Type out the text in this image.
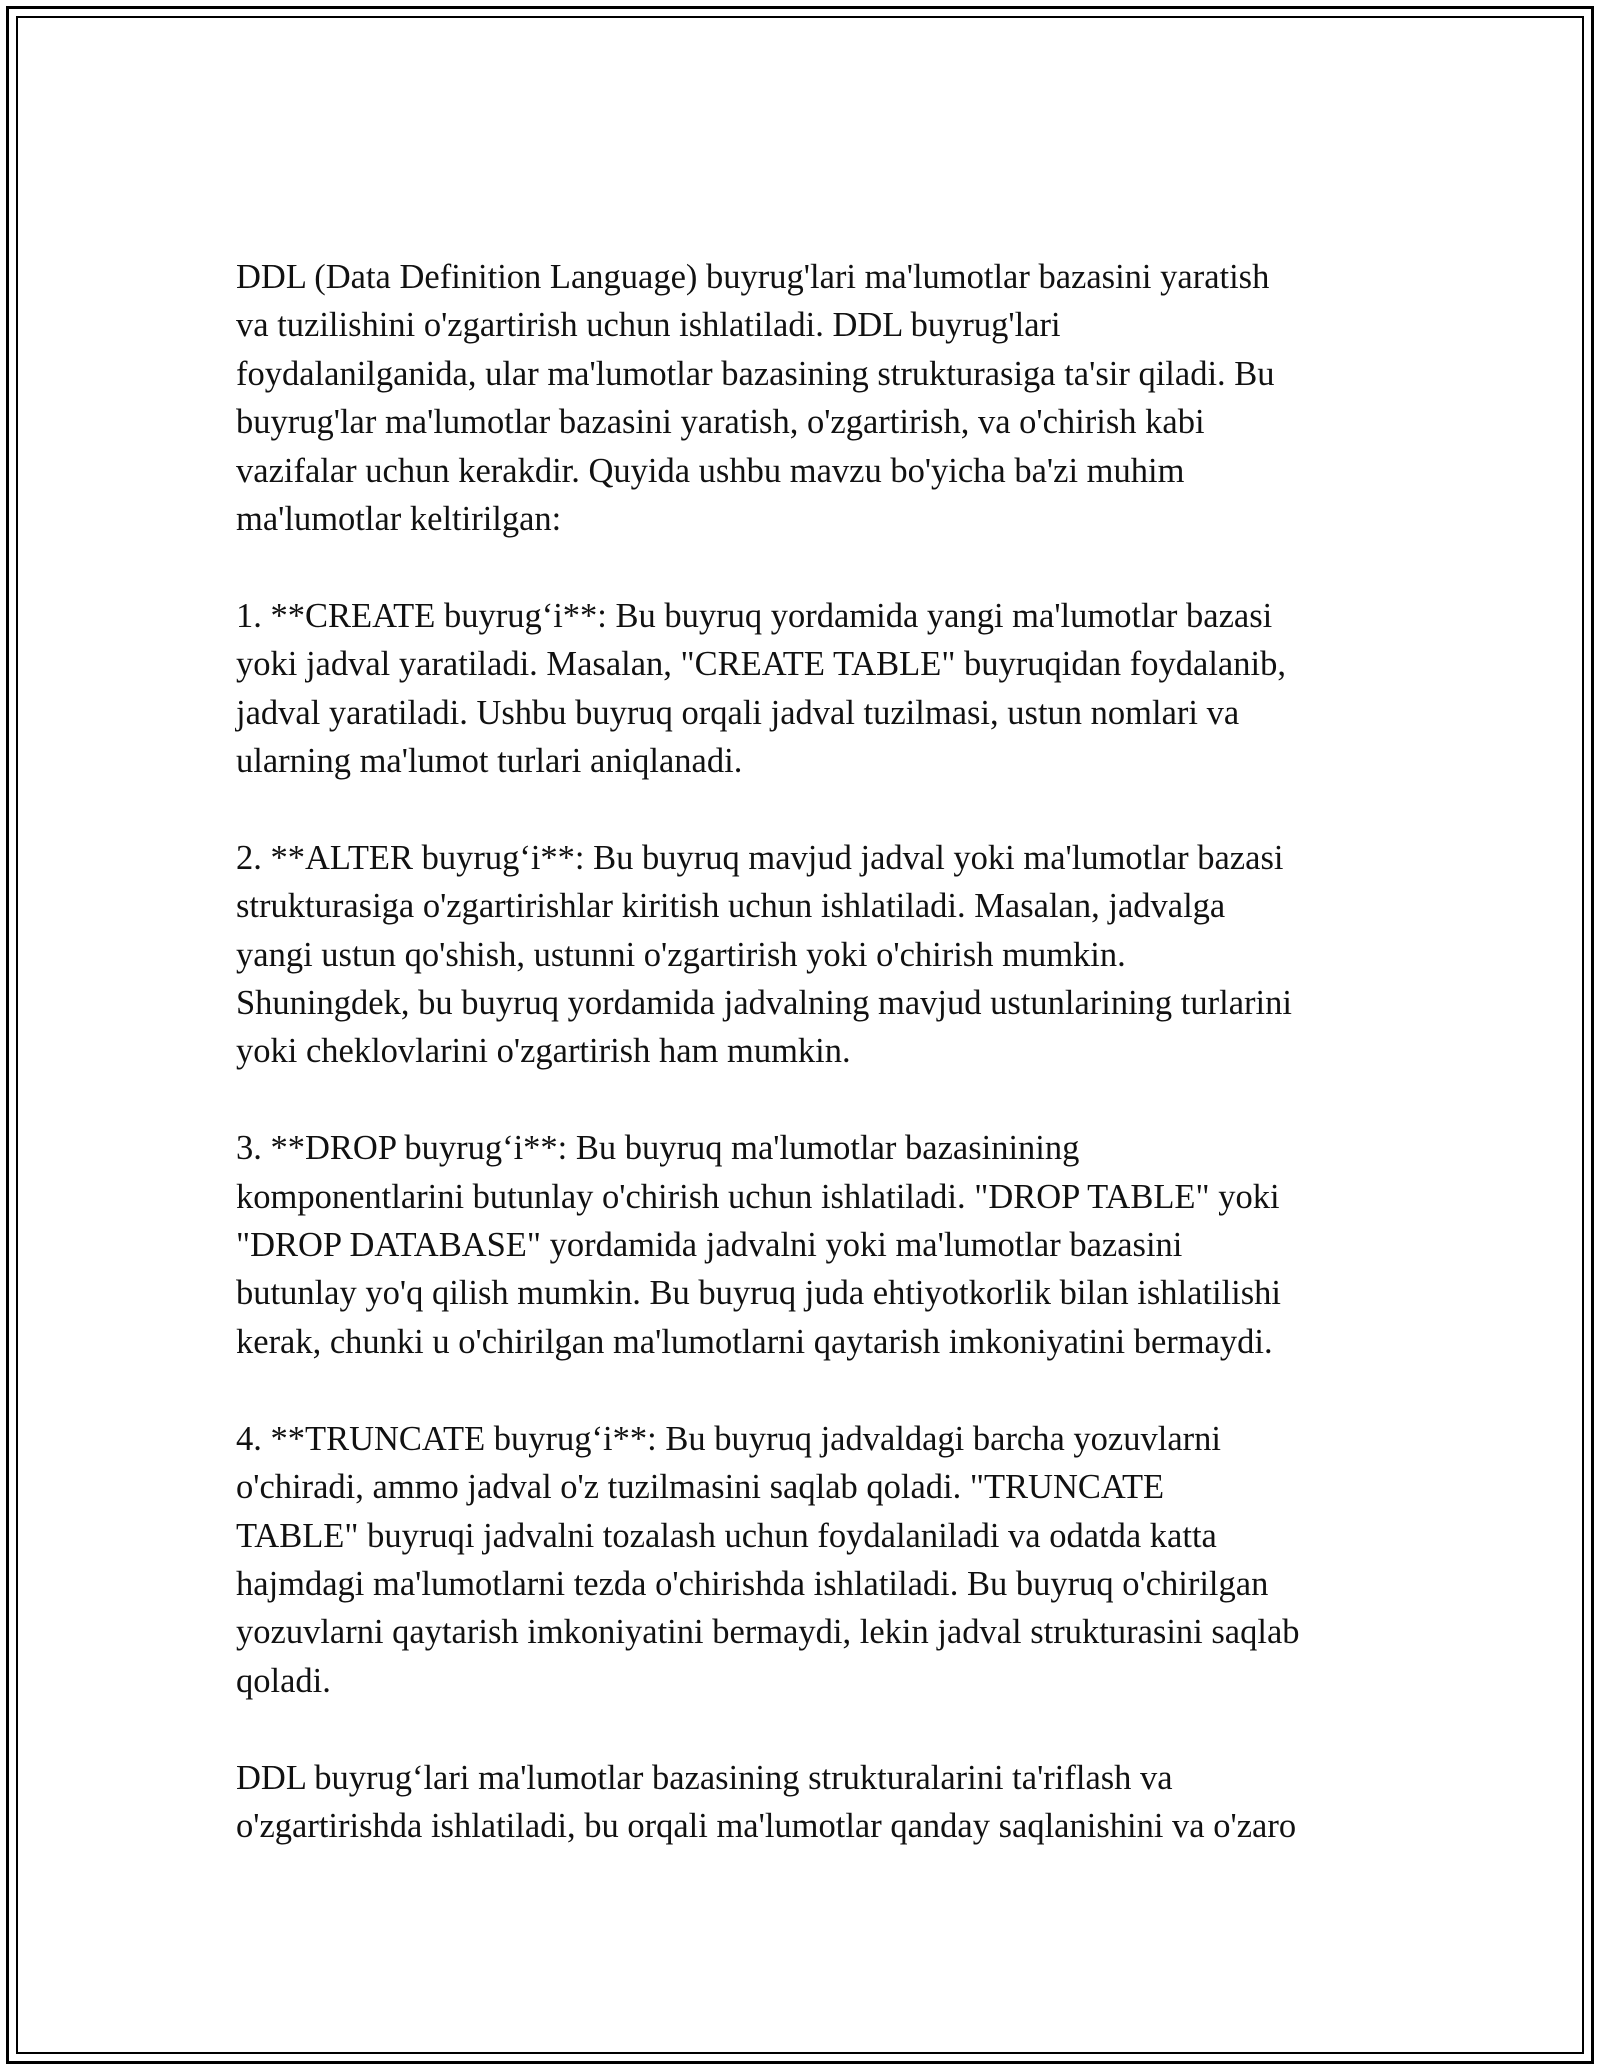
DDL (Data Definition Language) buyrug'lari ma'lumotlar bazasini yaratish
va tuzilishini o'zgartirish uchun ishlatiladi. DDL buyrug'lari
foydalanilganida, ular ma'lumotlar bazasining strukturasiga ta'sir qiladi. Bu
buyrug'lar ma'lumotlar bazasini yaratish, o'zgartirish, va o'chirish kabi
vazifalar uchun kerakdir. Quyida ushbu mavzu bo'yicha ba'zi muhim
ma'lumotlar keltirilgan:

1. **CREATE buyrug‘i**: Bu buyruq yordamida yangi ma'lumotlar bazasi
yoki jadval yaratiladi. Masalan, "CREATE TABLE" buyruqidan foydalanib,
jadval yaratiladi. Ushbu buyruq orqali jadval tuzilmasi, ustun nomlari va
ularning ma'lumot turlari aniqlanadi.

2. **ALTER buyrug‘i**: Bu buyruq mavjud jadval yoki ma'lumotlar bazasi
strukturasiga o'zgartirishlar kiritish uchun ishlatiladi. Masalan, jadvalga
yangi ustun qo'shish, ustunni o'zgartirish yoki o'chirish mumkin.
Shuningdek, bu buyruq yordamida jadvalning mavjud ustunlarining turlarini
yoki cheklovlarini o'zgartirish ham mumkin.

3. **DROP buyrug‘i**: Bu buyruq ma'lumotlar bazasinining
komponentlarini butunlay o'chirish uchun ishlatiladi. "DROP TABLE" yoki
"DROP DATABASE" yordamida jadvalni yoki ma'lumotlar bazasini
butunlay yo'q qilish mumkin. Bu buyruq juda ehtiyotkorlik bilan ishlatilishi
kerak, chunki u o'chirilgan ma'lumotlarni qaytarish imkoniyatini bermaydi.

4. **TRUNCATE buyrug‘i**: Bu buyruq jadvaldagi barcha yozuvlarni
o'chiradi, ammo jadval o'z tuzilmasini saqlab qoladi. "TRUNCATE
TABLE" buyruqi jadvalni tozalash uchun foydalaniladi va odatda katta
hajmdagi ma'lumotlarni tezda o'chirishda ishlatiladi. Bu buyruq o'chirilgan
yozuvlarni qaytarish imkoniyatini bermaydi, lekin jadval strukturasini saqlab
qoladi.

DDL buyrug‘lari ma'lumotlar bazasining strukturalarini ta'riflash va
o'zgartirishda ishlatiladi, bu orqali ma'lumotlar qanday saqlanishini va o'zaro
